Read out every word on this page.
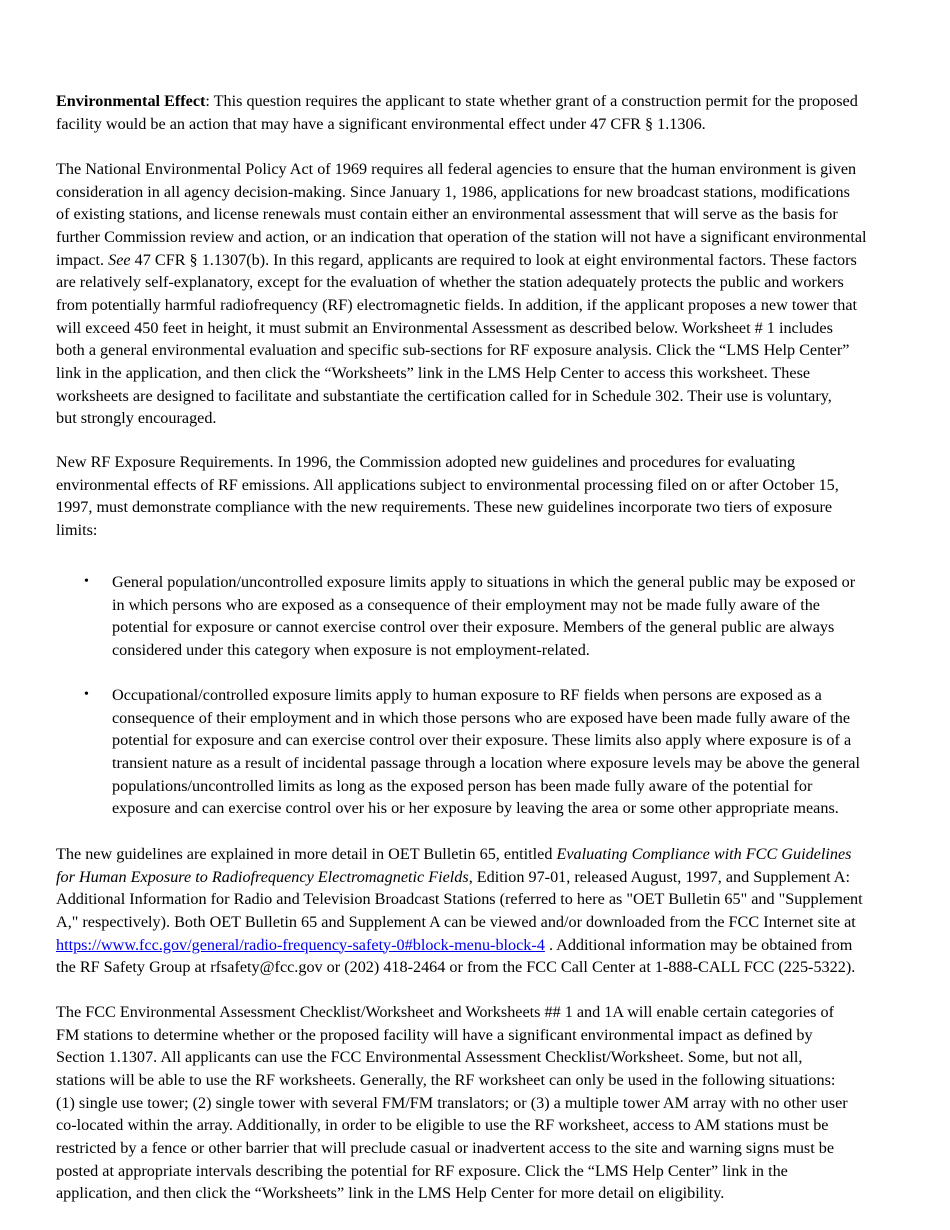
Environmental Effect: This question requires the applicant to state whether grant of a construction permit for the proposed
facility would be an action that may have a significant environmental effect under 47 CFR § 1.1306.
The National Environmental Policy Act of 1969 requires all federal agencies to ensure that the human environment is given
consideration in all agency decision-making. Since January 1, 1986, applications for new broadcast stations, modifications
of existing stations, and license renewals must contain either an environmental assessment that will serve as the basis for
further Commission review and action, or an indication that operation of the station will not have a significant environmental
impact. See 47 CFR § 1.1307(b). In this regard, applicants are required to look at eight environmental factors. These factors
are relatively self-explanatory, except for the evaluation of whether the station adequately protects the public and workers
from potentially harmful radiofrequency (RF) electromagnetic fields. In addition, if the applicant proposes a new tower that
will exceed 450 feet in height, it must submit an Environmental Assessment as described below. Worksheet # 1 includes
both a general environmental evaluation and specific sub-sections for RF exposure analysis. Click the “LMS Help Center”
link in the application, and then click the “Worksheets” link in the LMS Help Center to access this worksheet. These
worksheets are designed to facilitate and substantiate the certification called for in Schedule 302. Their use is voluntary,
but strongly encouraged.
New RF Exposure Requirements. In 1996, the Commission adopted new guidelines and procedures for evaluating
environmental effects of RF emissions. All applications subject to environmental processing filed on or after October 15,
1997, must demonstrate compliance with the new requirements. These new guidelines incorporate two tiers of exposure
limits:
• General population/uncontrolled exposure limits apply to situations in which the general public may be exposed or
in which persons who are exposed as a consequence of their employment may not be made fully aware of the
potential for exposure or cannot exercise control over their exposure. Members of the general public are always
considered under this category when exposure is not employment-related.
• Occupational/controlled exposure limits apply to human exposure to RF fields when persons are exposed as a
consequence of their employment and in which those persons who are exposed have been made fully aware of the
potential for exposure and can exercise control over their exposure. These limits also apply where exposure is of a
transient nature as a result of incidental passage through a location where exposure levels may be above the general
populations/uncontrolled limits as long as the exposed person has been made fully aware of the potential for
exposure and can exercise control over his or her exposure by leaving the area or some other appropriate means.
The new guidelines are explained in more detail in OET Bulletin 65, entitled Evaluating Compliance with FCC Guidelines
for Human Exposure to Radiofrequency Electromagnetic Fields, Edition 97-01, released August, 1997, and Supplement A:
Additional Information for Radio and Television Broadcast Stations (referred to here as "OET Bulletin 65" and "Supplement
A," respectively). Both OET Bulletin 65 and Supplement A can be viewed and/or downloaded from the FCC Internet site at
https://www.fcc.gov/general/radio-frequency-safety-0#block-menu-block-4 . Additional information may be obtained from
the RF Safety Group at rfsafety@fcc.gov or (202) 418-2464 or from the FCC Call Center at 1-888-CALL FCC (225-5322).
The FCC Environmental Assessment Checklist/Worksheet and Worksheets ## 1 and 1A will enable certain categories of
FM stations to determine whether or the proposed facility will have a significant environmental impact as defined by
Section 1.1307. All applicants can use the FCC Environmental Assessment Checklist/Worksheet. Some, but not all,
stations will be able to use the RF worksheets. Generally, the RF worksheet can only be used in the following situations:
(1) single use tower; (2) single tower with several FM/FM translators; or (3) a multiple tower AM array with no other user
co-located within the array. Additionally, in order to be eligible to use the RF worksheet, access to AM stations must be
restricted by a fence or other barrier that will preclude casual or inadvertent access to the site and warning signs must be
posted at appropriate intervals describing the potential for RF exposure. Click the “LMS Help Center” link in the
application, and then click the “Worksheets” link in the LMS Help Center for more detail on eligibility.
